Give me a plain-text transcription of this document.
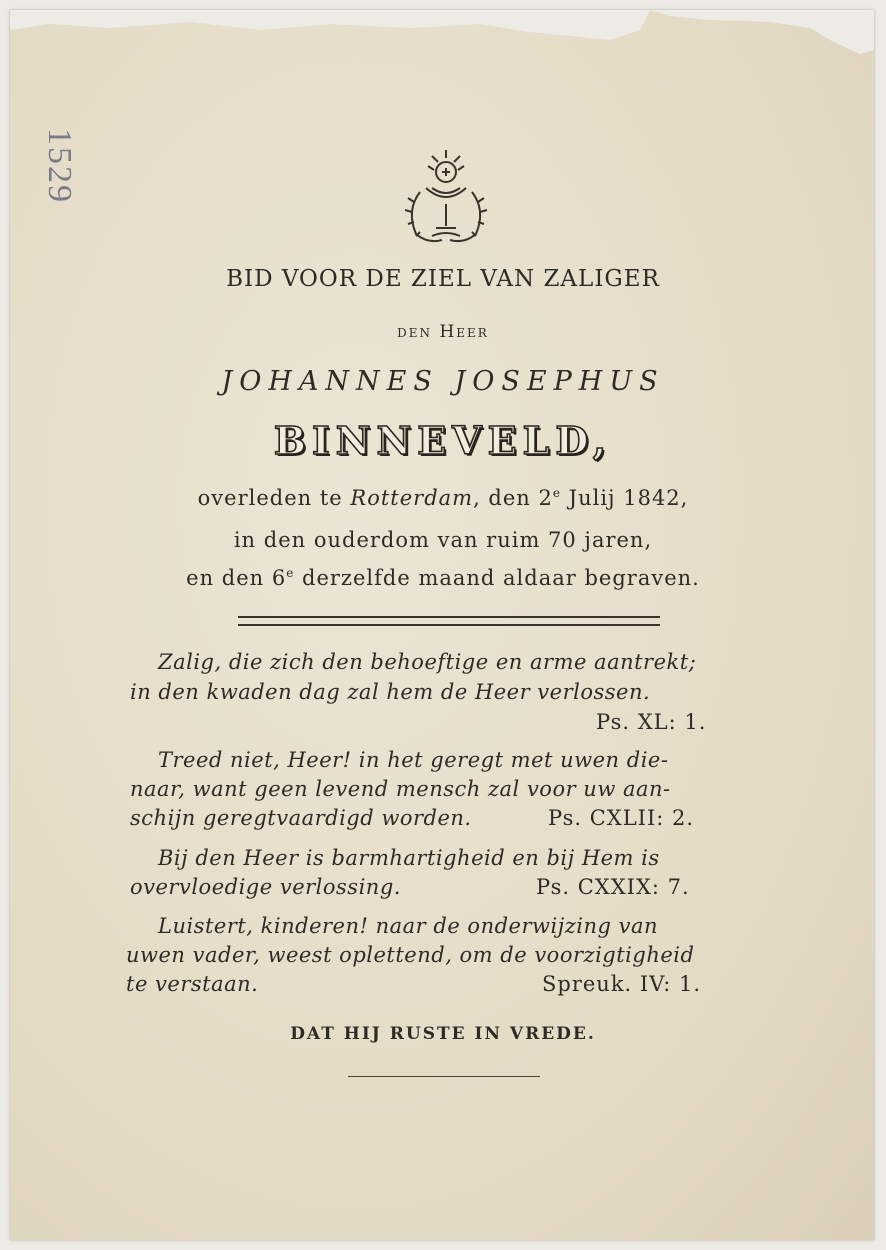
1529
BID VOOR DE ZIEL VAN ZALIGER
den Heer
JOHANNES JOSEPHUS
BINNEVELD,
overleden te Rotterdam, den 2e Julij 1842,
in den ouderdom van ruim 70 jaren,
en den 6e derzelfde maand aldaar begraven.
Zalig, die zich den behoeftige en arme aantrekt;
in den kwaden dag zal hem de Heer verlossen.
Ps. XL: 1.
Treed niet, Heer! in het geregt met uwen die-
naar, want geen levend mensch zal voor uw aan-
schijn geregtvaardigd worden.	Ps. CXLII: 2.
Bij den Heer is barmhartigheid en bij Hem is
overvloedige verlossing.	Ps. CXXIX: 7.
Luistert, kinderen! naar de onderwijzing van
uwen vader, weest oplettend, om de voorzigtigheid
te verstaan.	Spreuk. IV: 1.
DAT HIJ RUSTE IN VREDE.
